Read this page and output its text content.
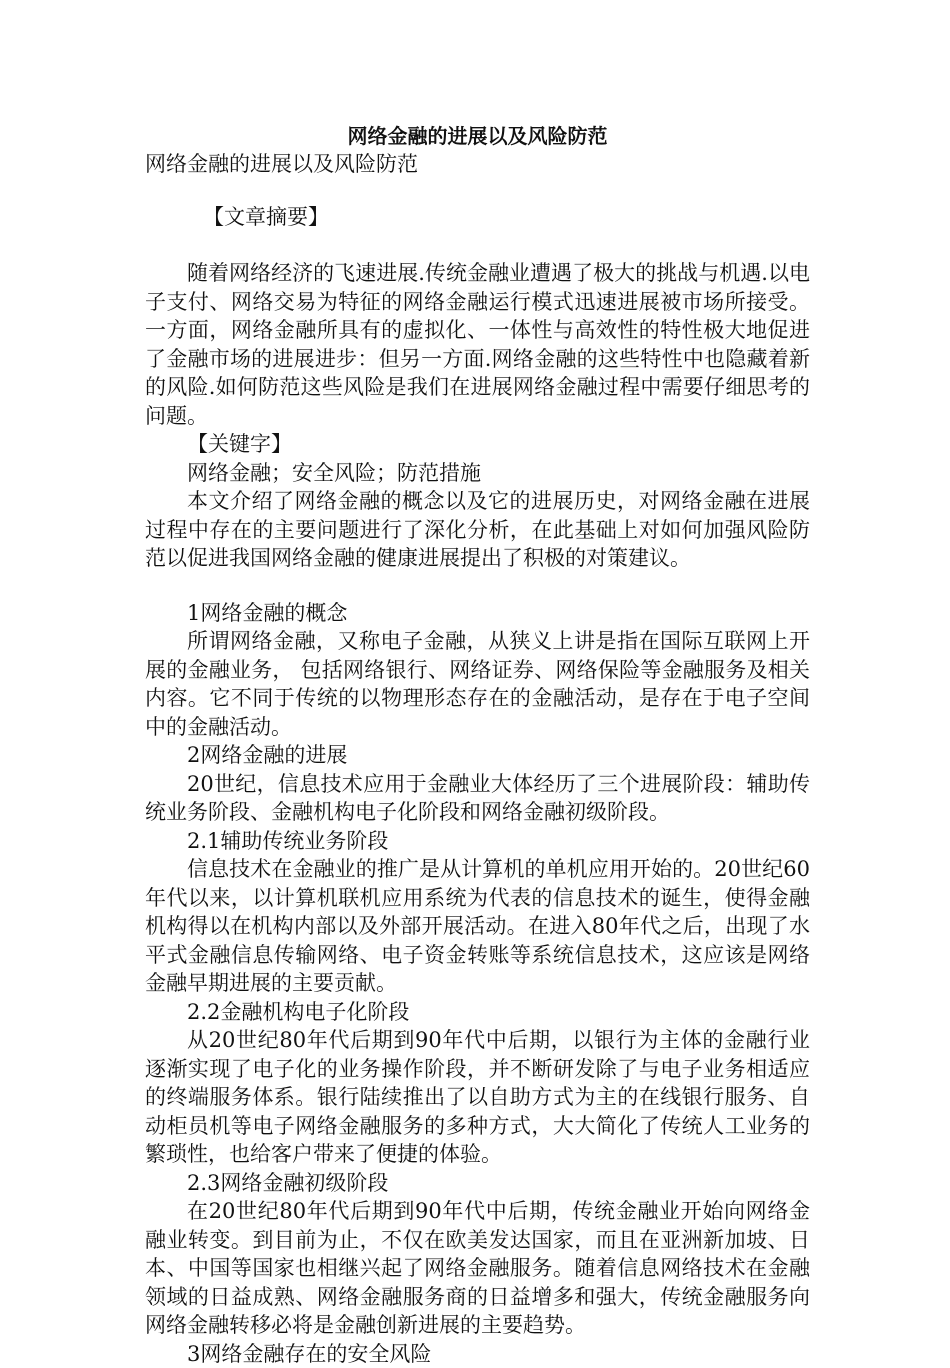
网络金融的进展以及风险防范

网络金融的进展以及风险防范

【文章摘要】

随着网络经济的飞速进展.传统金融业遭遇了极大的挑战与机遇.以电子支付、网络交易为特征的网络金融运行模式迅速进展被市场所接受。一方面，网络金融所具有的虚拟化、一体性与高效性的特性极大地促进了金融市场的进展进步：但另一方面.网络金融的这些特性中也隐藏着新的风险.如何防范这些风险是我们在进展网络金融过程中需要仔细思考的问题。

【关键字】

网络金融；安全风险；防范措施

本文介绍了网络金融的概念以及它的进展历史，对网络金融在进展过程中存在的主要问题进行了深化分析，在此基础上对如何加强风险防范以促进我国网络金融的健康进展提出了积极的对策建议。

1网络金融的概念

所谓网络金融，又称电子金融，从狭义上讲是指在国际互联网上开展的金融业务， 包括网络银行、网络证券、网络保险等金融服务及相关内容。它不同于传统的以物理形态存在的金融活动，是存在于电子空间中的金融活动。

2网络金融的进展

20世纪，信息技术应用于金融业大体经历了三个进展阶段：辅助传统业务阶段、金融机构电子化阶段和网络金融初级阶段。

2.1辅助传统业务阶段

信息技术在金融业的推广是从计算机的单机应用开始的。20世纪60年代以来，以计算机联机应用系统为代表的信息技术的诞生，使得金融机构得以在机构内部以及外部开展活动。在进入80年代之后，出现了水平式金融信息传输网络、电子资金转账等系统信息技术，这应该是网络金融早期进展的主要贡献。

2.2金融机构电子化阶段

从20世纪80年代后期到90年代中后期，以银行为主体的金融行业逐渐实现了电子化的业务操作阶段，并不断研发除了与电子业务相适应的终端服务体系。银行陆续推出了以自助方式为主的在线银行服务、自动柜员机等电子网络金融服务的多种方式，大大简化了传统人工业务的繁琐性，也给客户带来了便捷的体验。

2.3网络金融初级阶段

在20世纪80年代后期到90年代中后期，传统金融业开始向网络金融业转变。到目前为止，不仅在欧美发达国家，而且在亚洲新加坡、日本、中国等国家也相继兴起了网络金融服务。随着信息网络技术在金融领域的日益成熟、网络金融服务商的日益增多和强大，传统金融服务向网络金融转移必将是金融创新进展的主要趋势。

3网络金融存在的安全风险
